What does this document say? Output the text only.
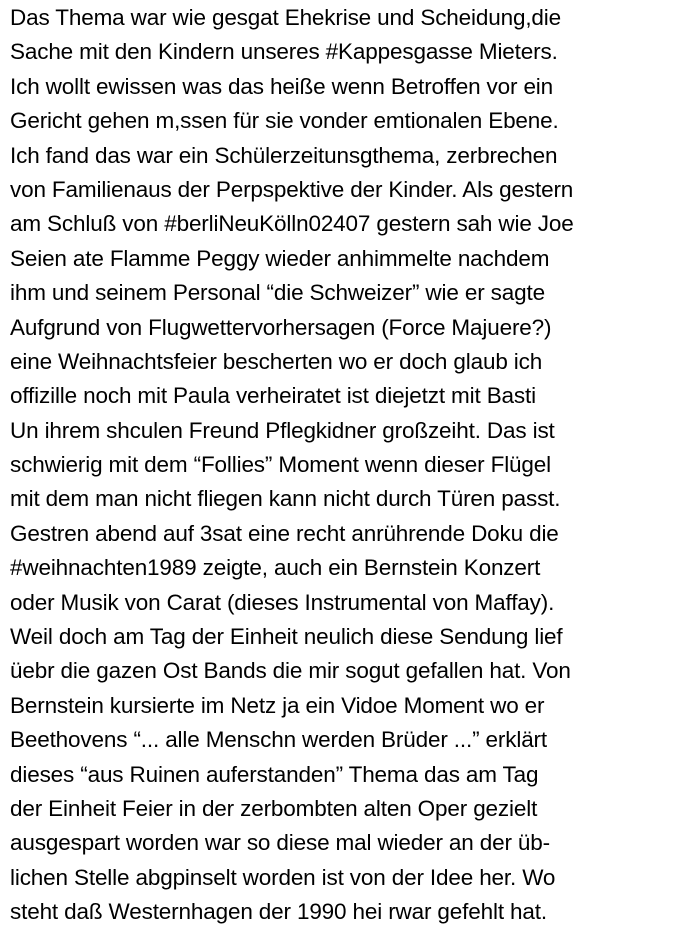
Das Thema war wie gesgat Ehekrise und Scheidung,die
Sache mit den Kindern unseres #Kappesgasse Mieters.
Ich wollt ewissen was das heiße wenn Betroffen vor ein
Gericht gehen m,ssen für sie vonder emtionalen Ebene.
Ich fand das war ein Schülerzeitunsgthema, zerbrechen
von Familienaus der Perpspektive der Kinder. Als gestern
am Schluß von #berliNeuKölln02407 gestern sah wie Joe
Seien ate Flamme Peggy wieder anhimmelte nachdem
ihm und seinem Personal “die Schweizer” wie er sagte
Aufgrund von Flugwettervorhersagen (Force Majuere?)
eine Weihnachtsfeier bescherten wo er doch glaub ich
offizille noch mit Paula verheiratet ist diejetzt mit Basti
Un ihrem shculen Freund Pflegkidner großzeiht. Das ist
schwierig mit dem “Follies” Moment wenn dieser Flügel
mit dem man nicht fliegen kann nicht durch Türen passt.
Gestren abend auf 3sat eine recht anrührende Doku die
#weihnachten1989 zeigte, auch ein Bernstein Konzert
oder Musik von Carat (dieses Instrumental von Maffay).
Weil doch am Tag der Einheit neulich diese Sendung lief
üebr die gazen Ost Bands die mir sogut gefallen hat. Von
Bernstein kursierte im Netz ja ein Vidoe Moment wo er
Beethovens “... alle Menschn werden Brüder ...” erklärt
dieses “aus Ruinen auferstanden” Thema das am Tag
der Einheit Feier in der zerbombten alten Oper gezielt
ausgespart worden war so diese mal wieder an der üb-
lichen Stelle abgpinselt worden ist von der Idee her. Wo
steht daß Westernhagen der 1990 hei rwar gefehlt hat.
